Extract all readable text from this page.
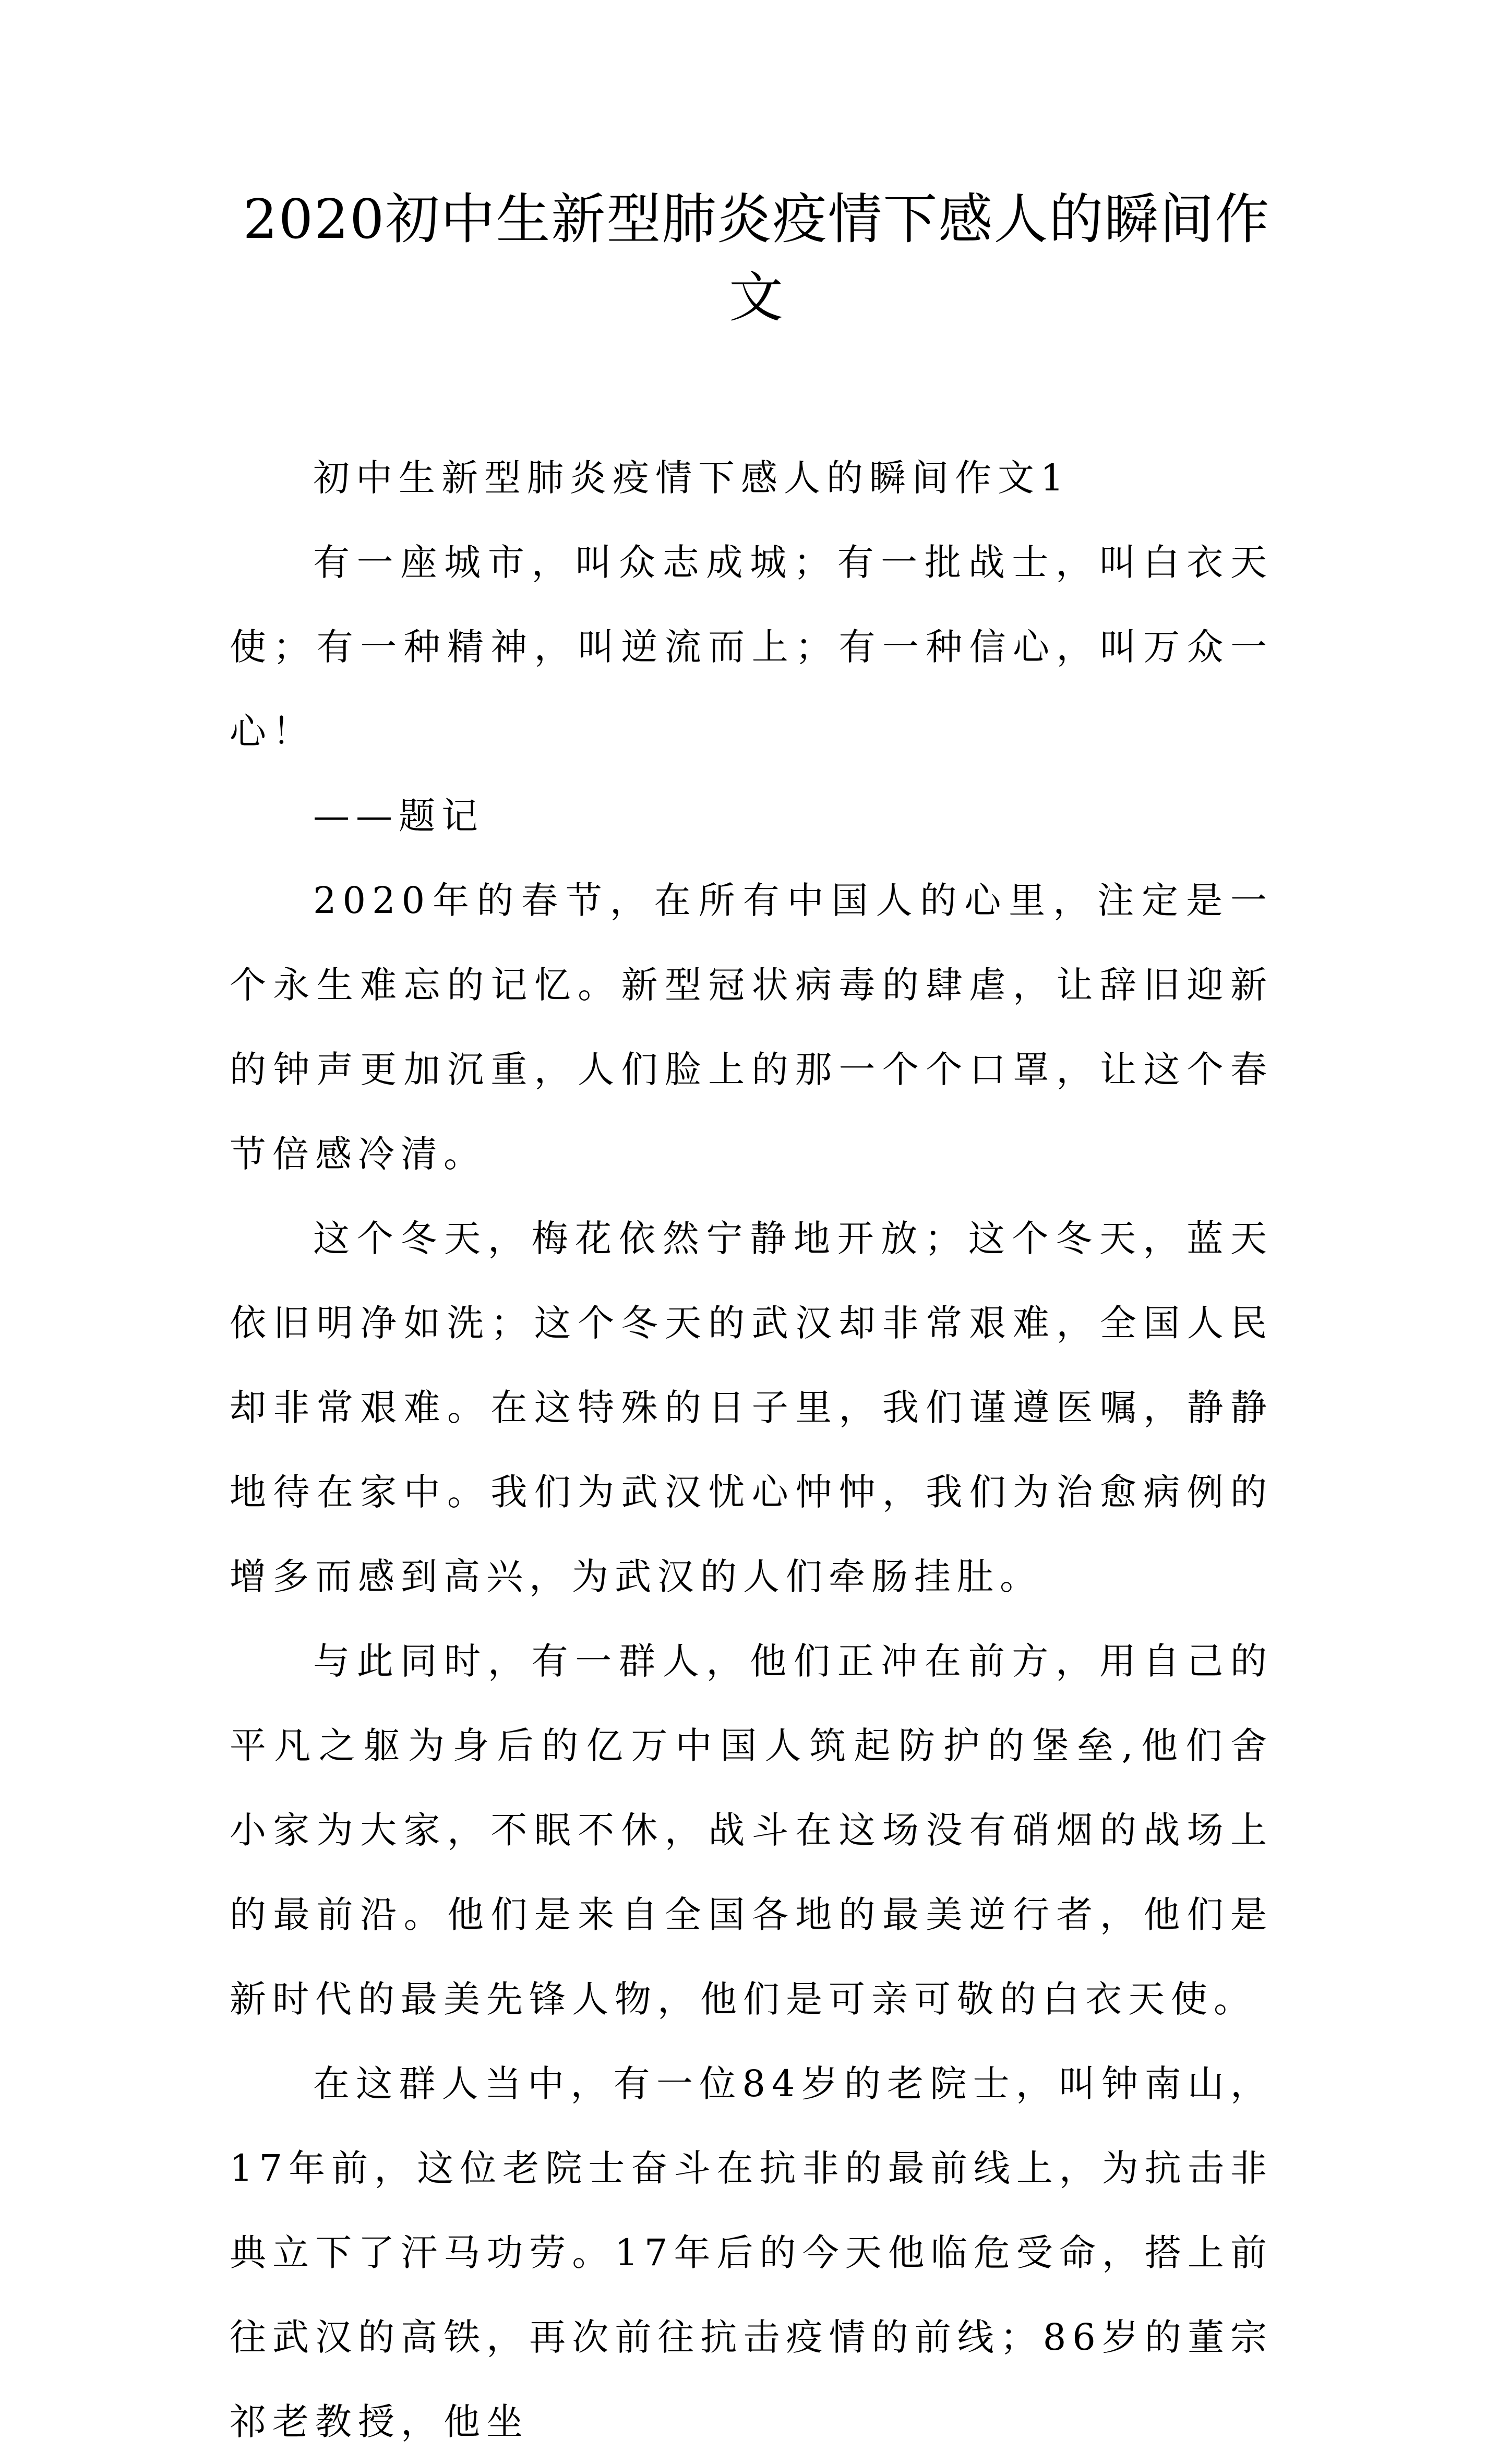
2020初中生新型肺炎疫情下感人的瞬间作文

初中生新型肺炎疫情下感人的瞬间作文1

有一座城市，叫众志成城；有一批战士，叫白衣天使；有一种精神，叫逆流而上；有一种信心，叫万众一心！

——题记

2020年的春节，在所有中国人的心里，注定是一个永生难忘的记忆。新型冠状病毒的肆虐，让辞旧迎新的钟声更加沉重，人们脸上的那一个个口罩，让这个春节倍感冷清。

这个冬天，梅花依然宁静地开放；这个冬天，蓝天依旧明净如洗；这个冬天的武汉却非常艰难，全国人民却非常艰难。在这特殊的日子里，我们谨遵医嘱，静静地待在家中。我们为武汉忧心忡忡，我们为治愈病例的增多而感到高兴，为武汉的人们牵肠挂肚。

与此同时，有一群人，他们正冲在前方，用自己的平凡之躯为身后的亿万中国人筑起防护的堡垒,他们舍小家为大家，不眠不休，战斗在这场没有硝烟的战场上的最前沿。他们是来自全国各地的最美逆行者，他们是新时代的最美先锋人物，他们是可亲可敬的白衣天使。

在这群人当中，有一位84岁的老院士，叫钟南山，17年前，这位老院士奋斗在抗非的最前线上，为抗击非典立下了汗马功劳。17年后的今天他临危受命，搭上前往武汉的高铁，再次前往抗击疫情的前线；86岁的董宗祁老教授，他坐
